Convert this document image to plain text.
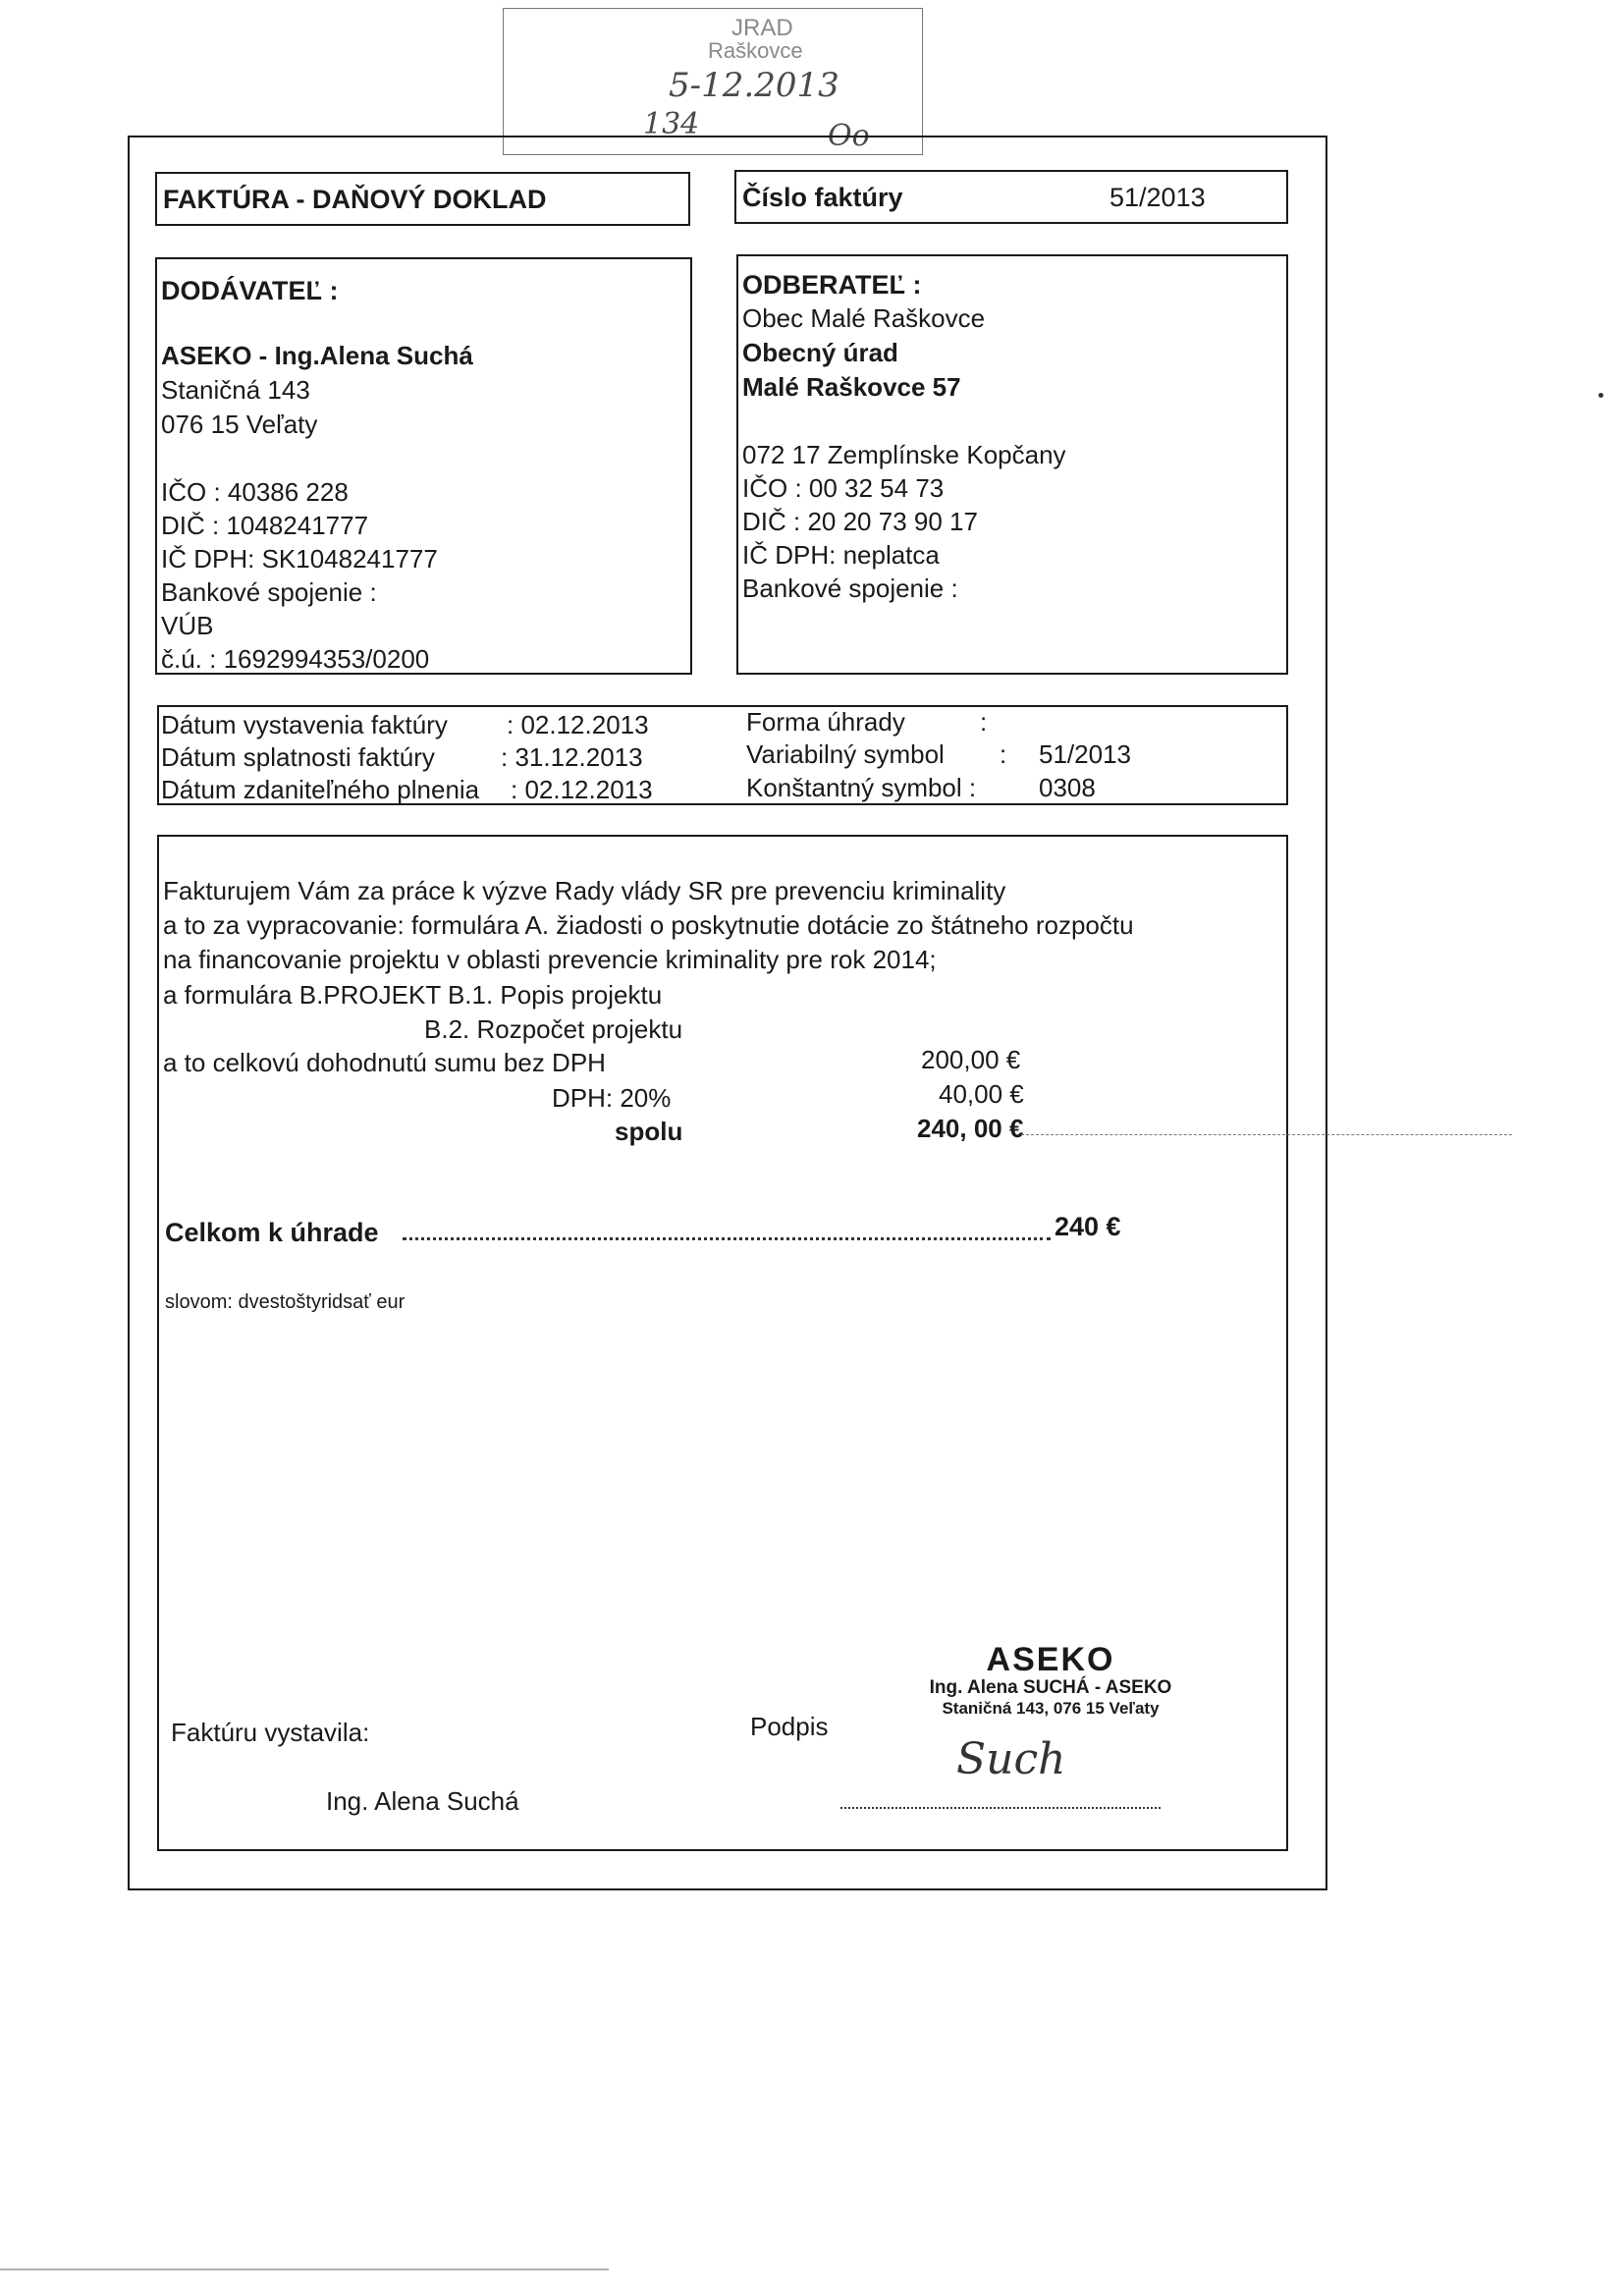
JRAD
Raškovce
5-12.2013
134	Oo
FAKTÚRA - DAŇOVÝ DOKLAD	Číslo faktúry	51/2013
DODÁVATEĽ :
ASEKO - Ing.Alena Suchá
Staničná 143
076 15 Veľaty
IČO : 40386 228
DIČ : 1048241777
IČ DPH: SK1048241777
Bankové spojenie :
VÚB
č.ú. : 1692994353/0200
ODBERATEĽ :
Obec Malé Raškovce
Obecný úrad
Malé Raškovce 57
072 17 Zemplínske Kopčany
IČO : 00 32 54 73
DIČ : 20 20 73 90 17
IČ DPH: neplatca
Bankové spojenie :
Dátum vystavenia faktúry : 02.12.2013
Dátum splatnosti faktúry	: 31.12.2013
Dátum zdaniteľného plnenia : 02.12.2013
Forma úhrady	:
Variabilný symbol : 51/2013
Konštantný symbol : 0308
Fakturujem Vám za práce k výzve Rady vlády SR pre prevenciu kriminality
a to za vypracovanie: formulára A. žiadosti o poskytnutie dotácie zo štátneho rozpočtu
na financovanie projektu v oblasti prevencie kriminality pre rok 2014;
a formulára B.PROJEKT B.1. Popis projektu
B.2. Rozpočet projektu
a to celkovú dohodnutú sumu bez DPH	200,00 €
DPH: 20%	40,00 €
spolu	240, 00 €
Celkom k úhrade	240 €
slovom: dvestoštyridsať eur
Faktúru vystavila:
Ing. Alena Suchá
Podpis
ASEKO
Ing. Alena SUCHÁ - ASEKO
Staničná 143, 076 15 Veľaty
Such
